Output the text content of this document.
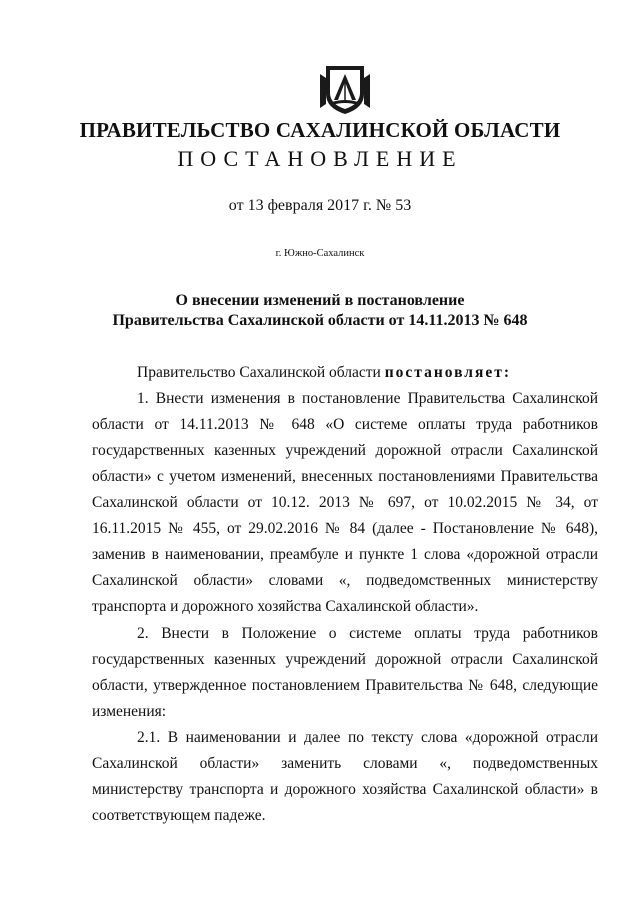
ПРАВИТЕЛЬСТВО САХАЛИНСКОЙ ОБЛАСТИ
ПОСТАНОВЛЕНИЕ
от 13 февраля 2017 г. № 53
г. Южно-Сахалинск
О внесении изменений в постановление
Правительства Сахалинской области от 14.11.2013 № 648

Правительство Сахалинской области постановляет:

1. Внести изменения в постановление Правительства Сахалинской области от 14.11.2013 № 648 «О системе оплаты труда работников государственных казенных учреждений дорожной отрасли Сахалинской области» с учетом изменений, внесенных постановлениями Правительства Сахалинской области от 10.12. 2013 № 697, от 10.02.2015 № 34, от 16.11.2015 № 455, от 29.02.2016 № 84 (далее - Постановление № 648), заменив в наименовании, преамбуле и пункте 1 слова «дорожной отрасли Сахалинской области» словами «, подведомственных министерству транспорта и дорожного хозяйства Сахалинской области».

2. Внести в Положение о системе оплаты труда работников государственных казенных учреждений дорожной отрасли Сахалинской области, утвержденное постановлением Правительства № 648, следующие изменения:

2.1. В наименовании и далее по тексту слова «дорожной отрасли Сахалинской области» заменить словами «, подведомственных министерству транспорта и дорожного хозяйства Сахалинской области» в соответствующем падеже.
